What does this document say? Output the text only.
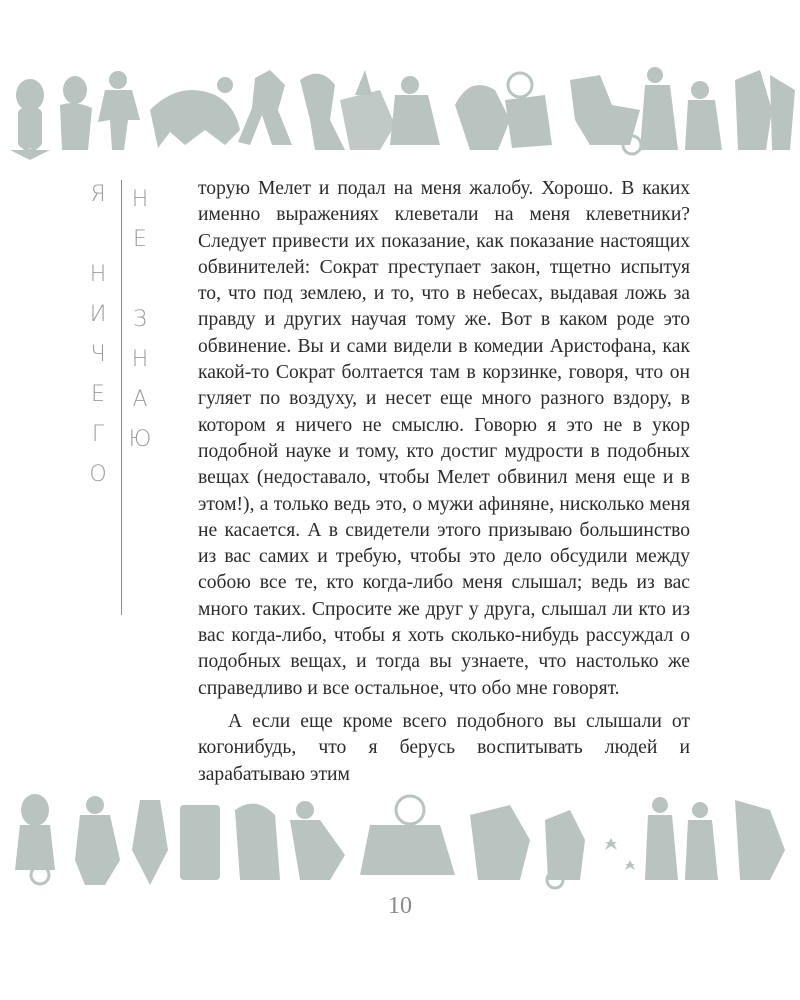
Я
Н
И
Ч
Е
Г
О
Н
Е
З
Н
А
Ю

торую Мелет и подал на меня жалобу. Хорошо. В каких именно выражениях клеветали на меня клеветники? Следует привести их показание, как показание настоящих обвинителей: Сократ преступает закон, тщетно испытуя то, что под землею, и то, что в небесах, выдавая ложь за правду и других научая тому же. Вот в каком роде это обвинение. Вы и сами видели в комедии Аристофана, как какой-то Сократ болтается там в корзинке, говоря, что он гуляет по воздуху, и несет еще много разного вздору, в котором я ничего не смыслю. Говорю я это не в укор подобной науке и тому, кто достиг мудрости в подобных вещах (недоставало, чтобы Мелет обвинил меня еще и в этом!), а только ведь это, о мужи афиняне, нисколько меня не касается. А в свидетели этого призываю большинство из вас самих и требую, чтобы это дело обсудили между собою все те, кто когда-либо меня слышал; ведь из вас много таких. Спросите же друг у друга, слышал ли кто из вас когда-либо, чтобы я хоть сколько-нибудь рассуждал о подобных вещах, и тогда вы узнаете, что настолько же справедливо и все остальное, что обо мне говорят.

А если еще кроме всего подобного вы слышали от когонибудь, что я берусь воспитывать людей и зарабатываю этим

10
